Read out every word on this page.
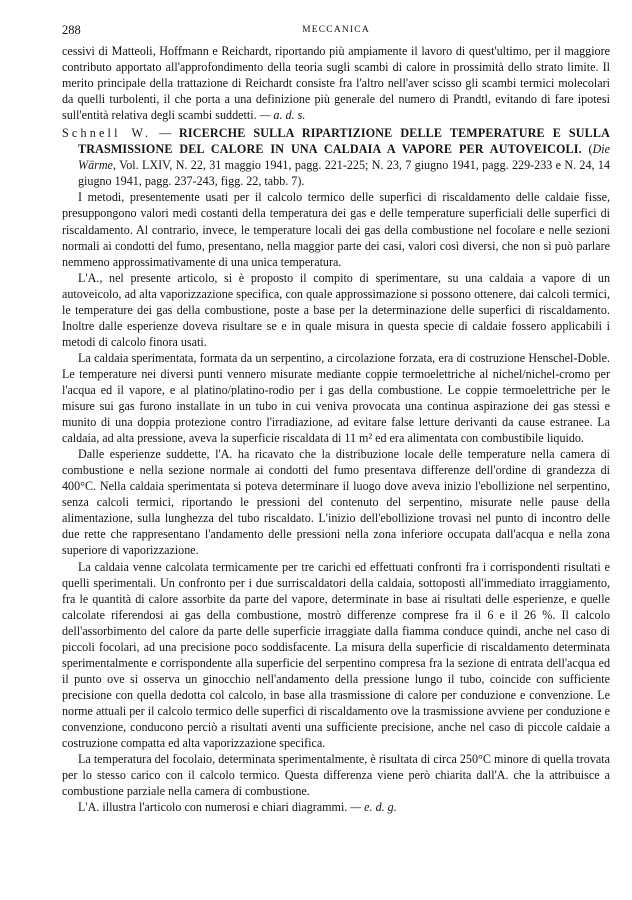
288	MECCANICA

cessivi di Matteoli, Hoffmann e Reichardt, riportando più ampiamente il lavoro di quest'ultimo, per il maggiore contributo apportato all'approfondimento della teoria sugli scambi di calore in prossimità dello strato limite. Il merito principale della trattazione di Reichardt consiste fra l'altro nell'aver scisso gli scambi termici molecolari da quelli turbolenti, il che porta a una definizione più generale del numero di Prandtl, evitando di fare ipotesi sull'entità relativa degli scambi suddetti. — a. d. s.

Schnell W. — RICERCHE SULLA RIPARTIZIONE DELLE TEMPERATURE E SULLA TRASMISSIONE DEL CALORE IN UNA CALDAIA A VAPORE PER AUTOVEICOLI. (Die Wärme, Vol. LXIV, N. 22, 31 maggio 1941, pagg. 221-225; N. 23, 7 giugno 1941, pagg. 229-233 e N. 24, 14 giugno 1941, pagg. 237-243, figg. 22, tabb. 7).

I metodi, presentemente usati per il calcolo termico delle superfici di riscaldamento delle caldaie fisse, presuppongono valori medi costanti della temperatura dei gas e delle temperature superficiali delle superfici di riscaldamento. Al contrario, invece, le temperature locali dei gas della combustione nel focolare e nelle sezioni normali ai condotti del fumo, presentano, nella maggior parte dei casi, valori così diversi, che non si può parlare nemmeno approssimativamente di una unica temperatura.

L'A., nel presente articolo, si è proposto il compito di sperimentare, su una caldaia a vapore di un autoveicolo, ad alta vaporizzazione specifica, con quale approssimazione si possono ottenere, dai calcoli termici, le temperature dei gas della combustione, poste a base per la determinazione delle superfici di riscaldamento. Inoltre dalle esperienze doveva risultare se e in quale misura in questa specie di caldaie fossero applicabili i metodi di calcolo finora usati.

La caldaia sperimentata, formata da un serpentino, a circolazione forzata, era di costruzione Henschel-Doble. Le temperature nei diversi punti vennero misurate mediante coppie termoelettriche al nichel/nichel-cromo per l'acqua ed il vapore, e al platino/platino-rodio per i gas della combustione. Le coppie termoelettriche per le misure sui gas furono installate in un tubo in cui veniva provocata una continua aspirazione dei gas stessi e munito di una doppia protezione contro l'irradiazione, ad evitare false letture derivanti da cause estranee. La caldaia, ad alta pressione, aveva la superficie riscaldata di 11 m² ed era alimentata con combustibile liquido.

Dalle esperienze suddette, l'A. ha ricavato che la distribuzione locale delle temperature nella camera di combustione e nella sezione normale ai condotti del fumo presentava differenze dell'ordine di grandezza di 400°C. Nella caldaia sperimentata si poteva determinare il luogo dove aveva inizio l'ebollizione nel serpentino, senza calcoli termici, riportando le pressioni del contenuto del serpentino, misurate nelle pause della alimentazione, sulla lunghezza del tubo riscaldato. L'inizio dell'ebollizione trovasi nel punto di incontro delle due rette che rappresentano l'andamento delle pressioni nella zona inferiore occupata dall'acqua e nella zona superiore di vaporizzazione.

La caldaia venne calcolata termicamente per tre carichi ed effettuati confronti fra i corrispondenti risultati e quelli sperimentali. Un confronto per i due surriscaldatori della caldaia, sottoposti all'immediato irraggiamento, fra le quantità di calore assorbite da parte del vapore, determinate in base ai risultati delle esperienze, e quelle calcolate riferendosi ai gas della combustione, mostrò differenze comprese fra il 6 e il 26 %. Il calcolo dell'assorbimento del calore da parte delle superficie irraggiate dalla fiamma conduce quindi, anche nel caso di piccoli focolari, ad una precisione poco soddisfacente. La misura della superficie di riscaldamento determinata sperimentalmente e corrispondente alla superficie del serpentino compresa fra la sezione di entrata dell'acqua ed il punto ove si osserva un ginocchio nell'andamento della pressione lungo il tubo, coincide con sufficiente precisione con quella dedotta col calcolo, in base alla trasmissione di calore per conduzione e convenzione. Le norme attuali per il calcolo termico delle superfici di riscaldamento ove la trasmissione avviene per conduzione e convenzione, conducono perciò a risultati aventi una sufficiente precisione, anche nel caso di piccole caldaie a costruzione compatta ed alta vaporizzazione specifica.

La temperatura del focolaio, determinata sperimentalmente, è risultata di circa 250°C minore di quella trovata per lo stesso carico con il calcolo termico. Questa differenza viene però chiarita dall'A. che la attribuisce a combustione parziale nella camera di combustione.

L'A. illustra l'articolo con numerosi e chiari diagrammi. — e. d. g.
